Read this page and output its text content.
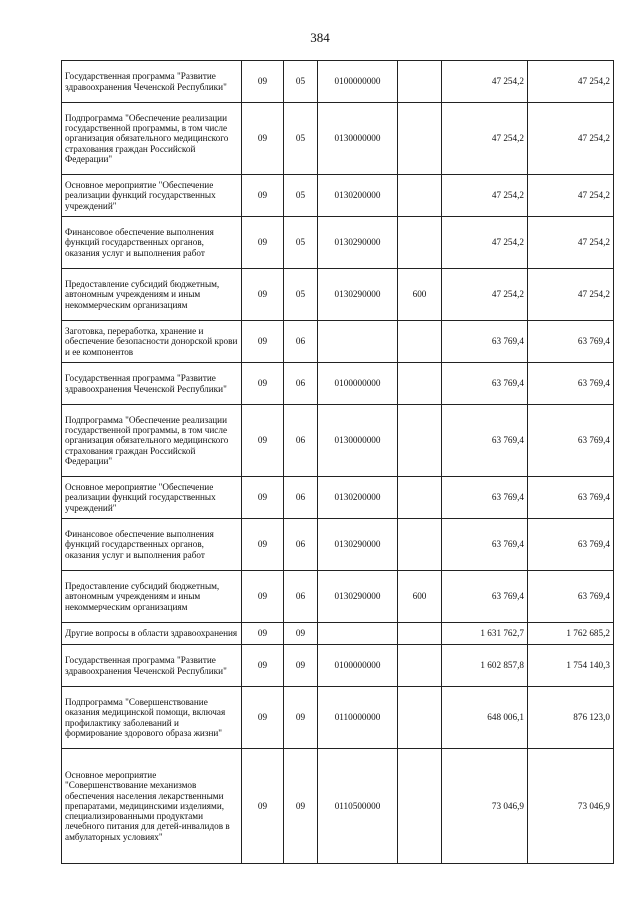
384
Государственная программа "Развитие здравоохранения Чеченской Республики"	09	05	0100000000		47 254,2	47 254,2
Подпрограмма "Обеспечение реализации государственной программы, в том числе организация обязательного медицинского страхования граждан Российской Федерации"	09	05	0130000000		47 254,2	47 254,2
Основное мероприятие "Обеспечение реализации функций государственных учреждений"	09	05	0130200000		47 254,2	47 254,2
Финансовое обеспечение выполнения функций государственных органов, оказания услуг и выполнения работ	09	05	0130290000		47 254,2	47 254,2
Предоставление субсидий бюджетным, автономным учреждениям и иным некоммерческим организациям	09	05	0130290000	600	47 254,2	47 254,2
Заготовка, переработка, хранение и обеспечение безопасности донорской крови и ее компонентов	09	06			63 769,4	63 769,4
Государственная программа "Развитие здравоохранения Чеченской Республики"	09	06	0100000000		63 769,4	63 769,4
Подпрограмма "Обеспечение реализации государственной программы, в том числе организация обязательного медицинского страхования граждан Российской Федерации"	09	06	0130000000		63 769,4	63 769,4
Основное мероприятие "Обеспечение реализации функций государственных учреждений"	09	06	0130200000		63 769,4	63 769,4
Финансовое обеспечение выполнения функций государственных органов, оказания услуг и выполнения работ	09	06	0130290000		63 769,4	63 769,4
Предоставление субсидий бюджетным, автономным учреждениям и иным некоммерческим организациям	09	06	0130290000	600	63 769,4	63 769,4
Другие вопросы в области здравоохранения	09	09			1 631 762,7	1 762 685,2
Государственная программа "Развитие здравоохранения Чеченской Республики"	09	09	0100000000		1 602 857,8	1 754 140,3
Подпрограмма "Совершенствование оказания медицинской помощи, включая профилактику заболеваний и формирование здорового образа жизни"	09	09	0110000000		648 006,1	876 123,0
Основное мероприятие "Совершенствование механизмов обеспечения населения лекарственными препаратами, медицинскими изделиями, специализированными продуктами лечебного питания для детей-инвалидов в амбулаторных условиях"	09	09	0110500000		73 046,9	73 046,9
